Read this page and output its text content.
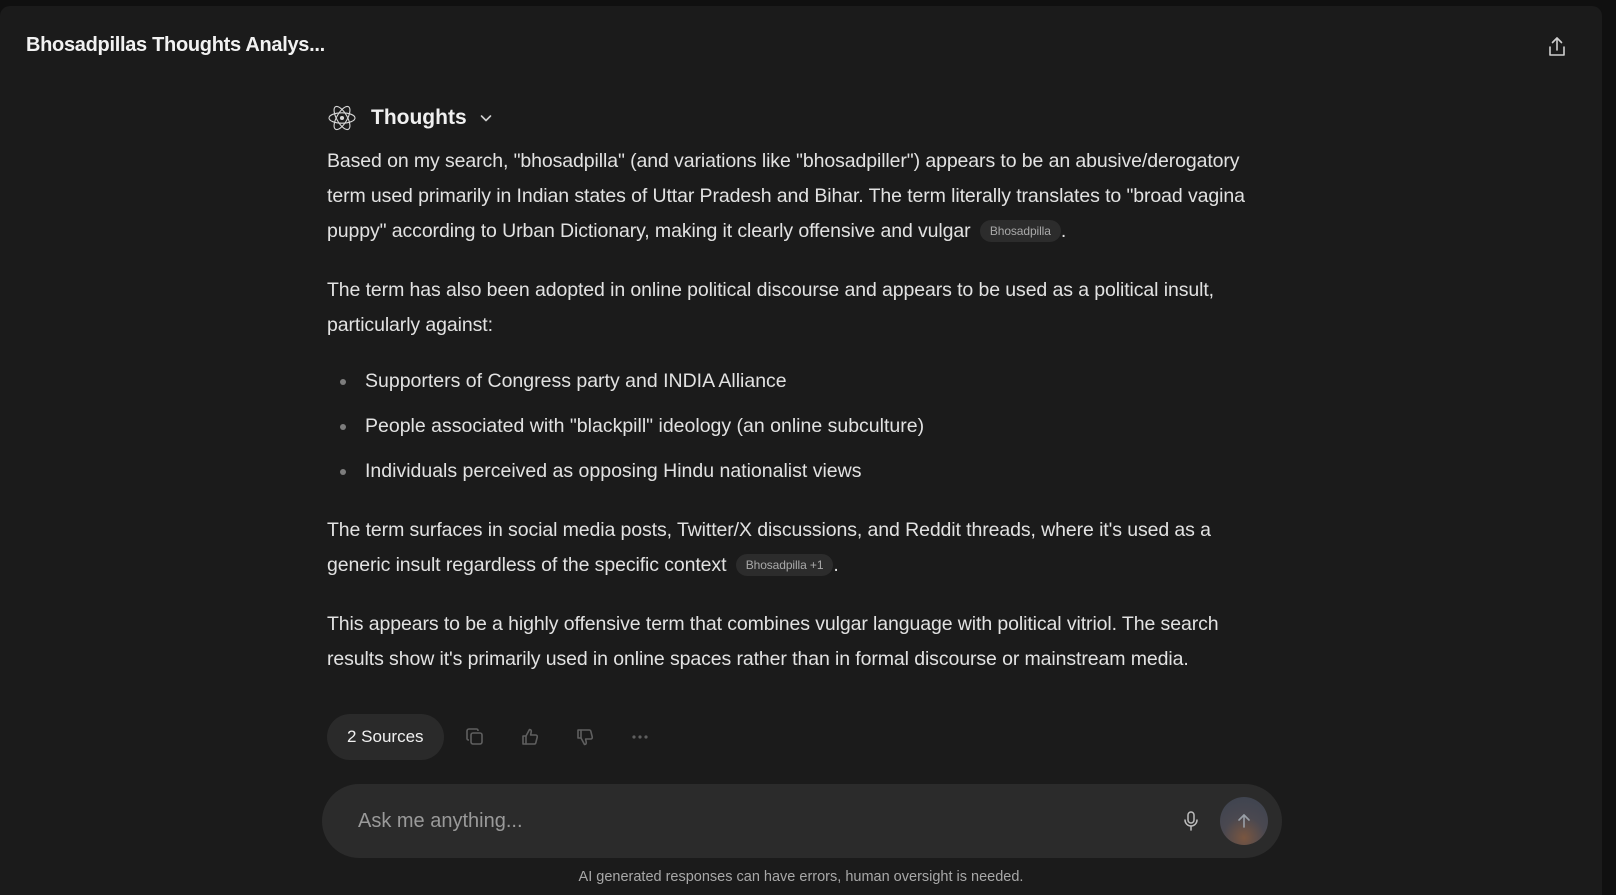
Bhosadpillas Thoughts Analys...
Thoughts

Based on my search, "bhosadpilla" (and variations like "bhosadpiller") appears to be an abusive/derogatory term used primarily in Indian states of Uttar Pradesh and Bihar. The term literally translates to "broad vagina puppy" according to Urban Dictionary, making it clearly offensive and vulgar Bhosadpilla .

The term has also been adopted in online political discourse and appears to be used as a political insult, particularly against:

Supporters of Congress party and INDIA Alliance
People associated with "blackpill" ideology (an online subculture)
Individuals perceived as opposing Hindu nationalist views

The term surfaces in social media posts, Twitter/X discussions, and Reddit threads, where it's used as a generic insult regardless of the specific context Bhosadpilla +1 .

This appears to be a highly offensive term that combines vulgar language with political vitriol. The search results show it's primarily used in online spaces rather than in formal discourse or mainstream media.

2 Sources
Ask me anything...
AI generated responses can have errors, human oversight is needed.
